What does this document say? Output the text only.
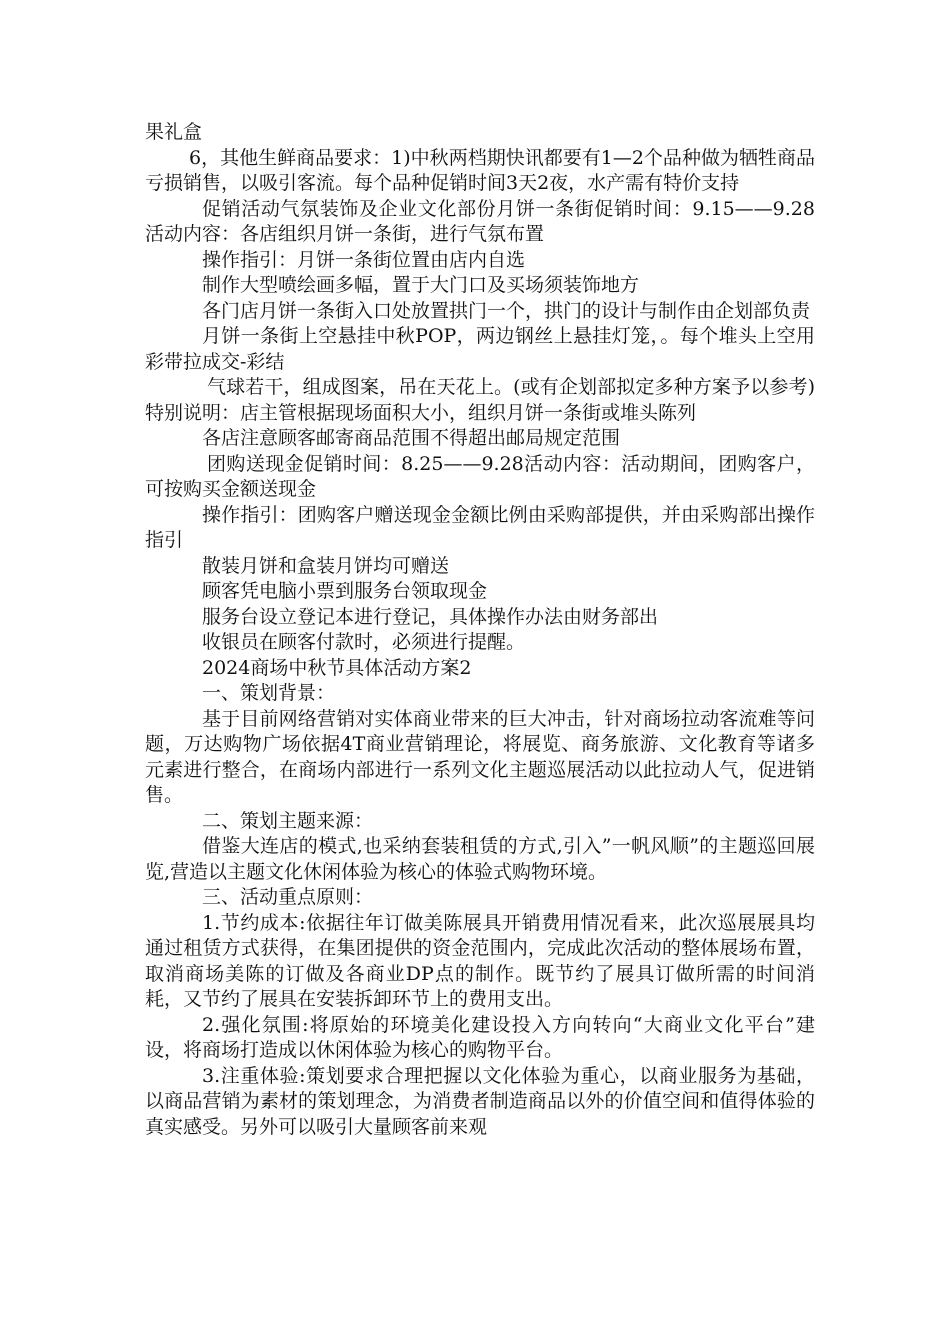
果礼盒

6，其他生鲜商品要求：1)中秋两档期快讯都要有1—2个品种做为牺牲商品亏损销售，以吸引客流。每个品种促销时间3天2夜，水产需有特价支持

促销活动气氛装饰及企业文化部份月饼一条街促销时间：9.15——9.28活动内容：各店组织月饼一条街，进行气氛布置

操作指引：月饼一条街位置由店内自选

制作大型喷绘画多幅，置于大门口及买场须装饰地方

各门店月饼一条街入口处放置拱门一个，拱门的设计与制作由企划部负责

月饼一条街上空悬挂中秋POP，两边钢丝上悬挂灯笼，。每个堆头上空用彩带拉成交-彩结

气球若干，组成图案，吊在天花上。(或有企划部拟定多种方案予以参考)特别说明：店主管根据现场面积大小，组织月饼一条街或堆头陈列

各店注意顾客邮寄商品范围不得超出邮局规定范围

团购送现金促销时间：8.25——9.28活动内容：活动期间，团购客户，可按购买金额送现金

操作指引：团购客户赠送现金金额比例由采购部提供，并由采购部出操作指引

散装月饼和盒装月饼均可赠送

顾客凭电脑小票到服务台领取现金

服务台设立登记本进行登记，具体操作办法由财务部出

收银员在顾客付款时，必须进行提醒。

2024商场中秋节具体活动方案2

一、策划背景：

基于目前网络营销对实体商业带来的巨大冲击，针对商场拉动客流难等问题，万达购物广场依据4T商业营销理论，将展览、商务旅游、文化教育等诸多元素进行整合，在商场内部进行一系列文化主题巡展活动以此拉动人气，促进销售。

二、策划主题来源：

借鉴大连店的模式,也采纳套装租赁的方式,引入”一帆风顺”的主题巡回展览,营造以主题文化休闲体验为核心的体验式购物环境。

三、活动重点原则：

1.节约成本:依据往年订做美陈展具开销费用情况看来，此次巡展展具均通过租赁方式获得，在集团提供的资金范围内，完成此次活动的整体展场布置，取消商场美陈的订做及各商业DP点的制作。既节约了展具订做所需的时间消耗，又节约了展具在安装拆卸环节上的费用支出。

2.强化氛围:将原始的环境美化建设投入方向转向“大商业文化平台”建设，将商场打造成以休闲体验为核心的购物平台。

3.注重体验:策划要求合理把握以文化体验为重心，以商业服务为基础，以商品营销为素材的策划理念，为消费者制造商品以外的价值空间和值得体验的真实感受。另外可以吸引大量顾客前来观
